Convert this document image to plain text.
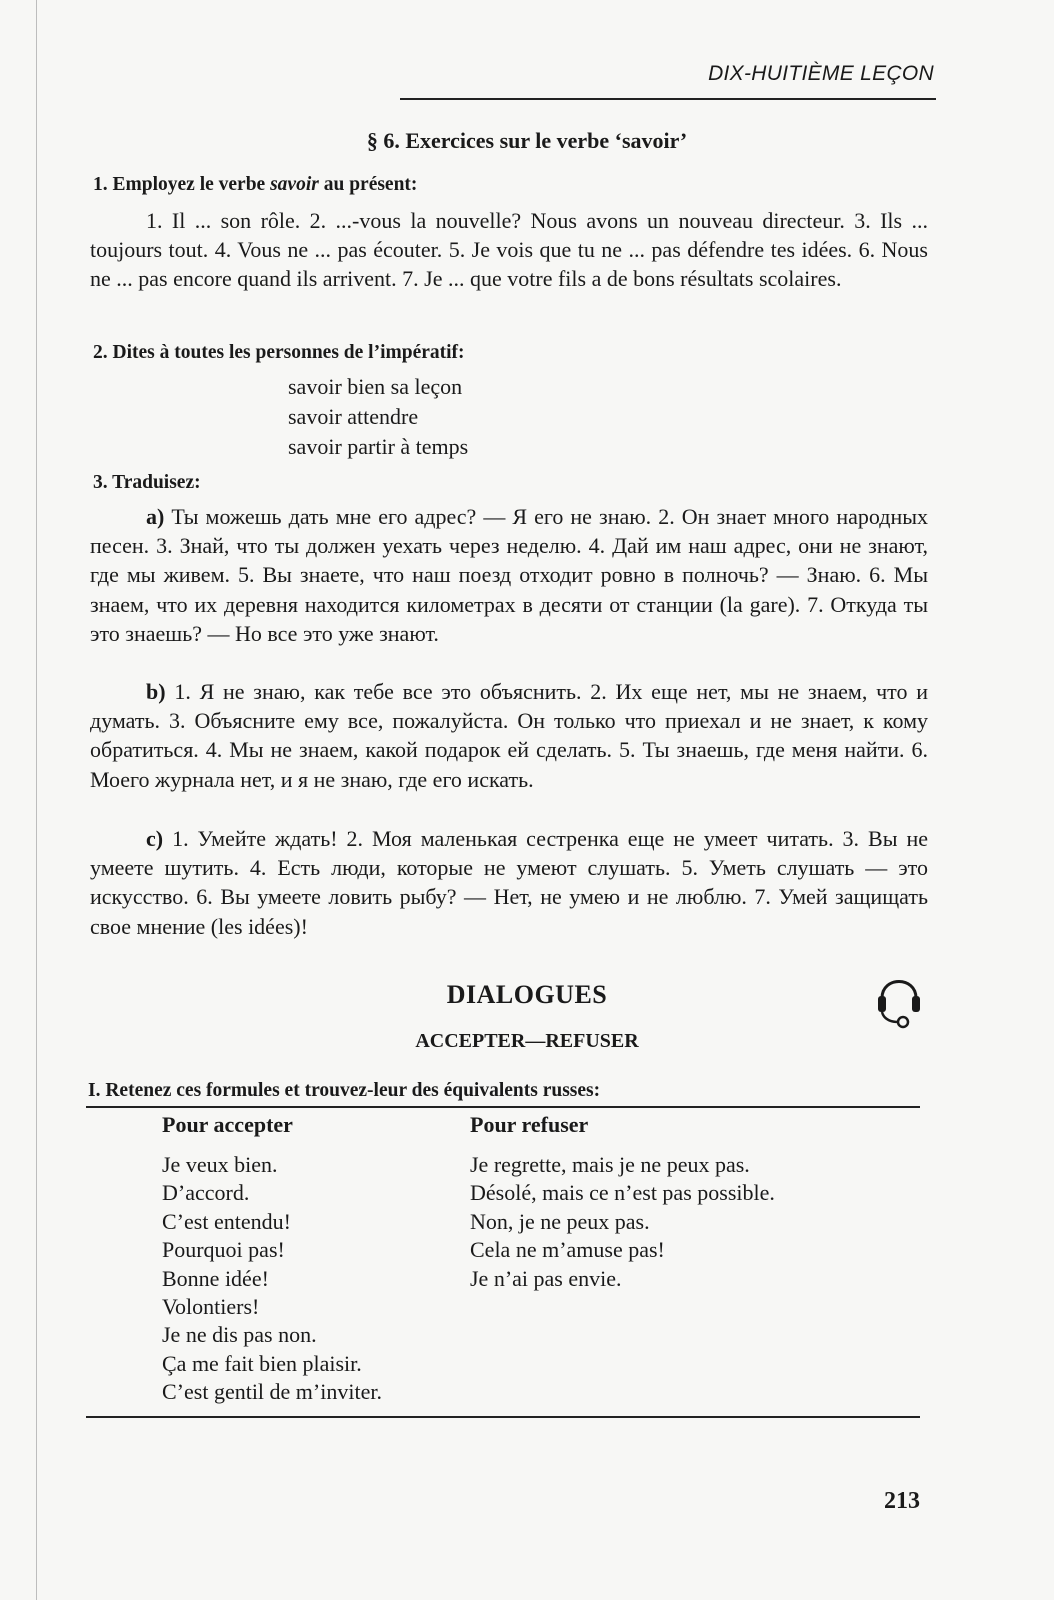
DIX-HUITIÈME LEÇON
§ 6. Exercices sur le verbe ‘savoir’
1. Employez le verbe savoir au présent:

1. Il ... son rôle. 2. ...-vous la nouvelle? Nous avons un nouveau directeur. 3. Ils ... toujours tout. 4. Vous ne ... pas écouter. 5. Je vois que tu ne ... pas défendre tes idées. 6. Nous ne ... pas encore quand ils arrivent. 7. Je ... que votre fils a de bons résultats scolaires.

2. Dites à toutes les personnes de l’impératif:
savoir bien sa leçon
savoir attendre
savoir partir à temps
3. Traduisez:

a) Ты можешь дать мне его адрес? — Я его не знаю. 2. Он знает много народных песен. 3. Знай, что ты должен уехать через неделю. 4. Дай им наш адрес, они не знают, где мы живем. 5. Вы знаете, что наш поезд отходит ровно в полночь? — Знаю. 6. Мы знаем, что их деревня находится километрах в десяти от станции (la gare). 7. Откуда ты это знаешь? — Но все это уже знают.

b) 1. Я не знаю, как тебе все это объяснить. 2. Их еще нет, мы не знаем, что и думать. 3. Объясните ему все, пожалуйста. Он только что приехал и не знает, к кому обратиться. 4. Мы не знаем, какой подарок ей сделать. 5. Ты знаешь, где меня найти. 6. Моего журнала нет, и я не знаю, где его искать.

c) 1. Умейте ждать! 2. Моя маленькая сестренка еще не умеет читать. 3. Вы не умеете шутить. 4. Есть люди, которые не умеют слушать. 5. Уметь слушать — это искусство. 6. Вы умеете ловить рыбу? — Нет, не умею и не люблю. 7. Умей защищать свое мнение (les idées)!

DIALOGUES
ACCEPTER—REFUSER
I. Retenez ces formules et trouvez-leur des équivalents russes:
Pour accepter	Pour refuser
Je veux bien.
D’accord.
C’est entendu!
Pourquoi pas!
Bonne idée!
Volontiers!
Je ne dis pas non.
Ça me fait bien plaisir.
C’est gentil de m’inviter.
Je regrette, mais je ne peux pas.
Désolé, mais ce n’est pas possible.
Non, je ne peux pas.
Cela ne m’amuse pas!
Je n’ai pas envie.
213
